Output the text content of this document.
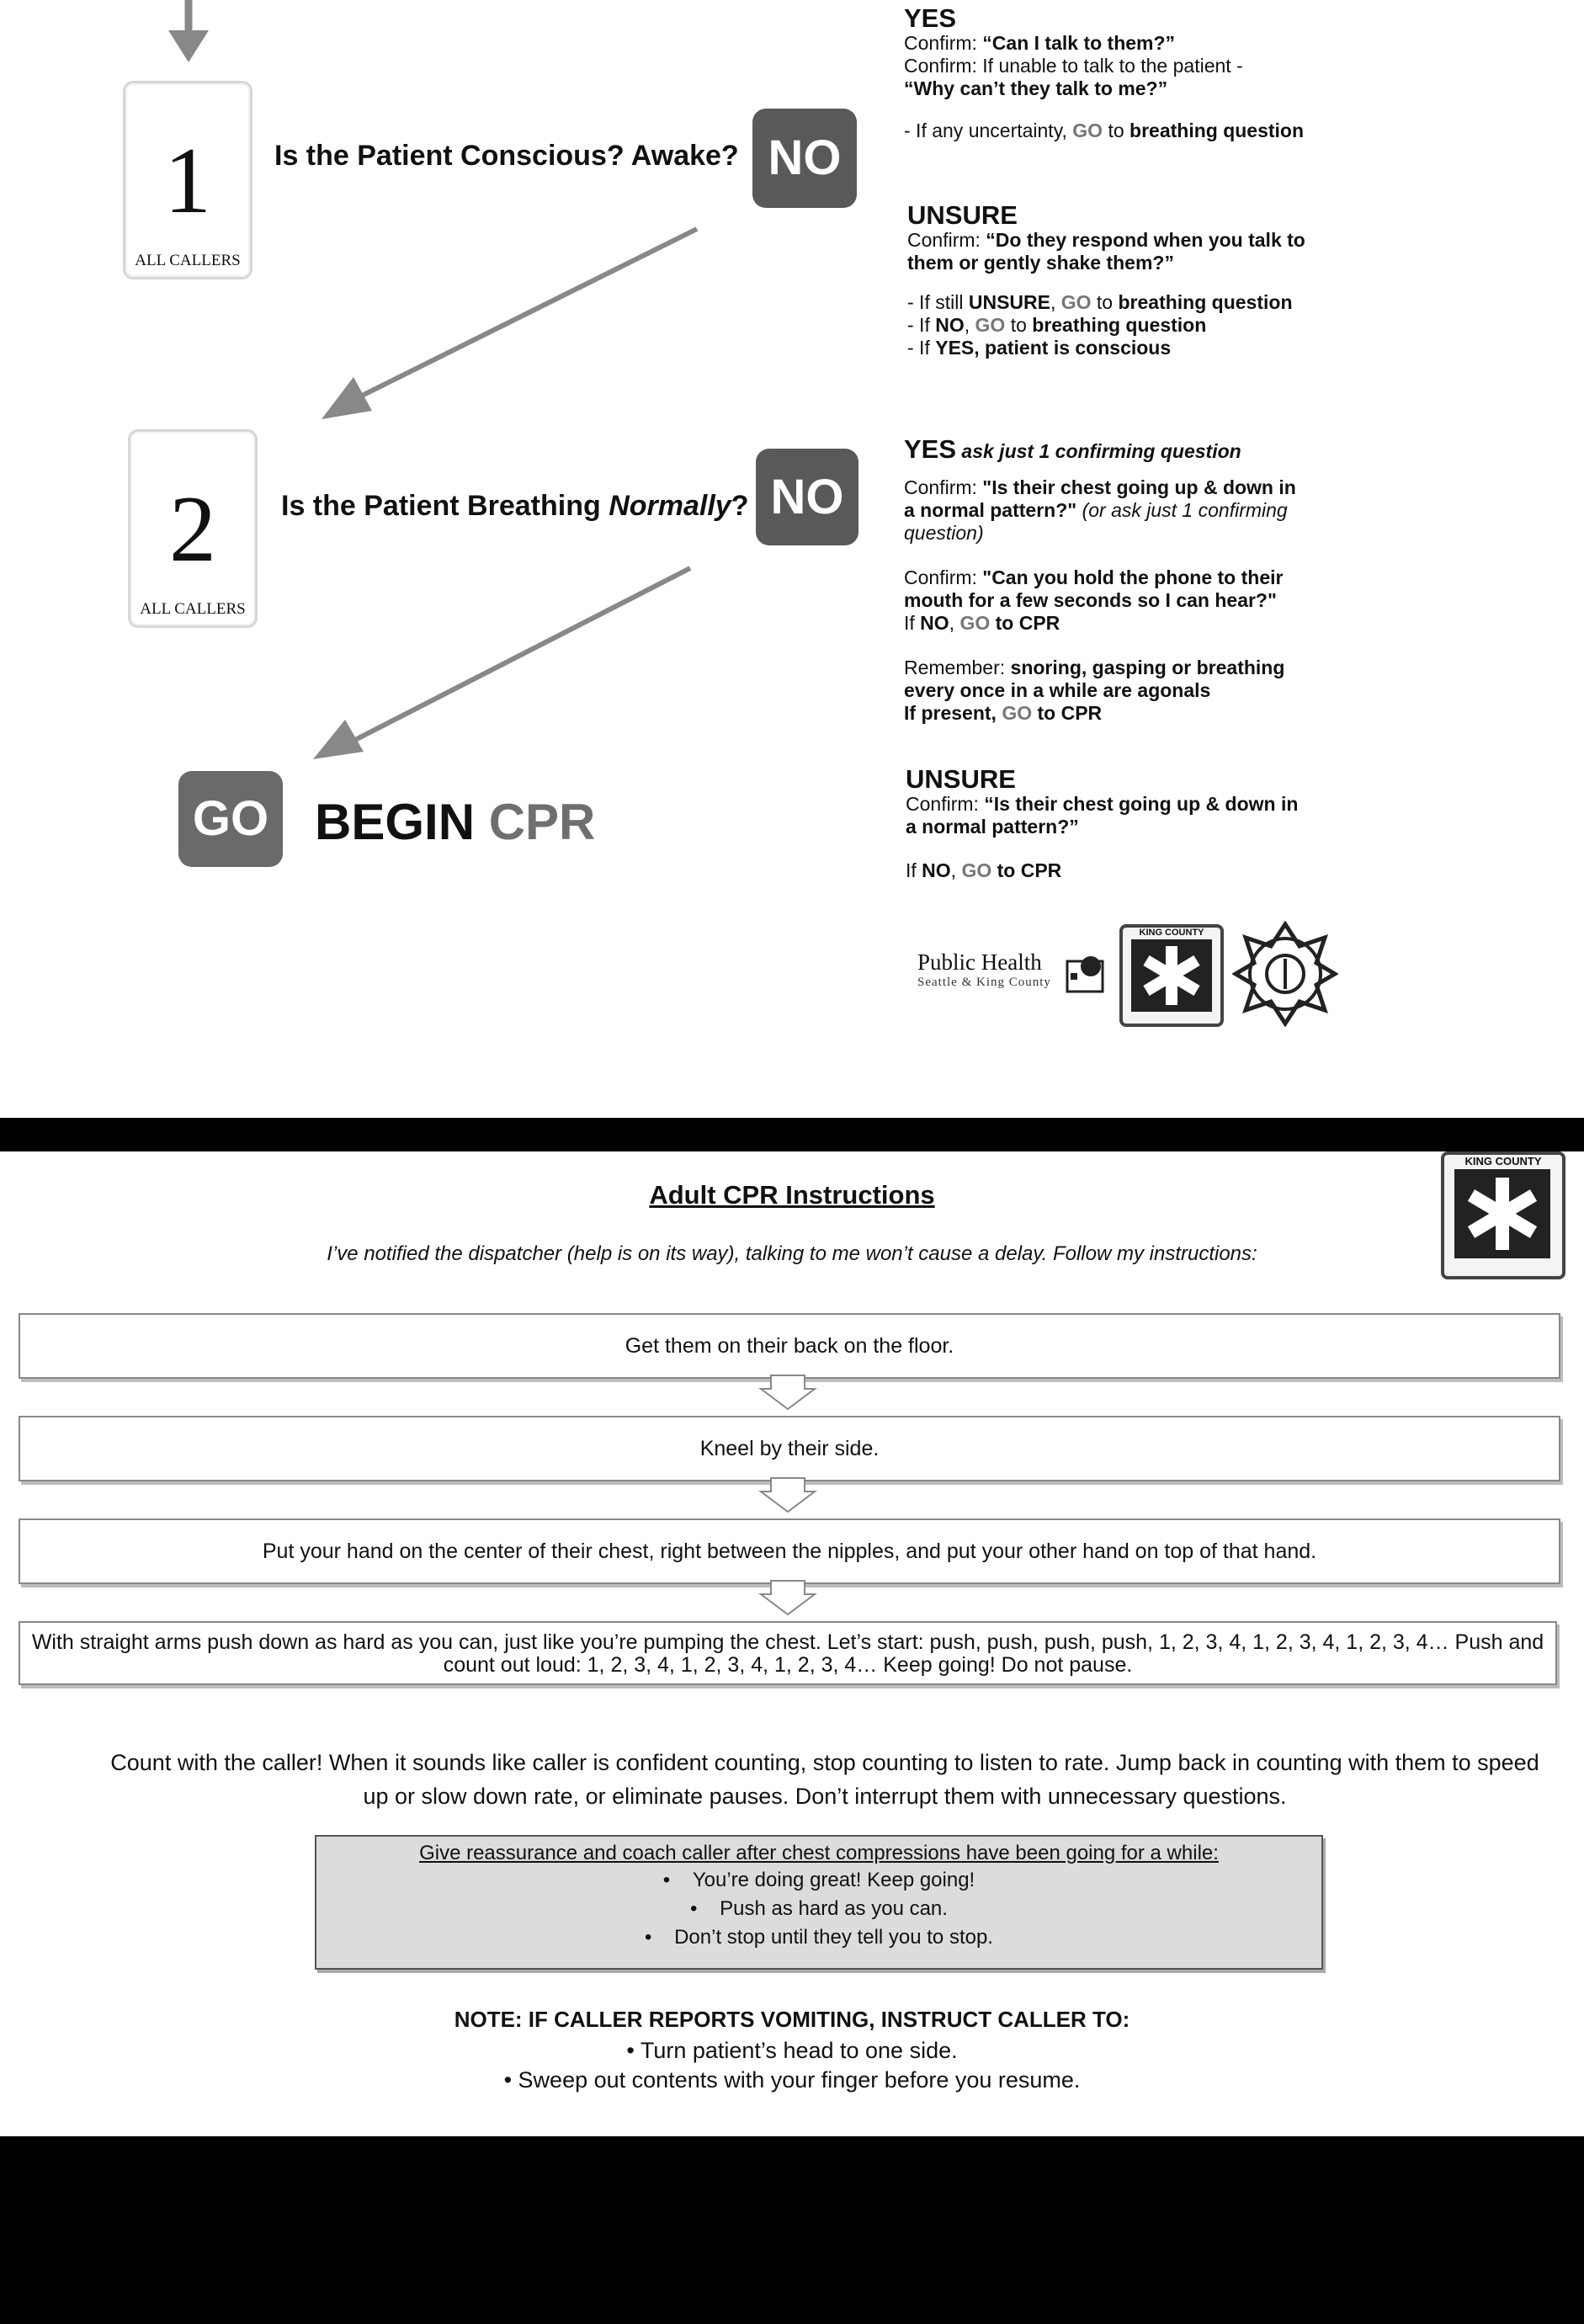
1
ALL CALLERS
Is the Patient Conscious? Awake? NO
2
ALL CALLERS
Is the Patient Breathing Normally? NO
GO BEGIN CPR
YES
Confirm: “Can I talk to them?”
Confirm: If unable to talk to the patient -
“Why can’t they talk to me?”
- If any uncertainty, GO to breathing question
UNSURE
Confirm: “Do they respond when you talk to
them or gently shake them?”
- If still UNSURE, GO to breathing question
- If NO, GO to breathing question
- If YES, patient is conscious
YES ask just 1 confirming question
Confirm: "Is their chest going up & down in
a normal pattern?" (or ask just 1 confirming
question)
Confirm: "Can you hold the phone to their
mouth for a few seconds so I can hear?"
If NO, GO to CPR
Remember: snoring, gasping or breathing
every once in a while are agonals
If present, GO to CPR
UNSURE
Confirm: “Is their chest going up & down in
a normal pattern?”
If NO, GO to CPR
Public Health
Seattle & King County
KING COUNTY
Adult CPR Instructions
I’ve notified the dispatcher (help is on its way), talking to me won’t cause a delay. Follow my instructions:
KING COUNTY
Get them on their back on the floor.
Kneel by their side.
Put your hand on the center of their chest, right between the nipples, and put your other hand on top of that hand.
With straight arms push down as hard as you can, just like you’re pumping the chest. Let’s start: push, push, push, push, 1, 2, 3, 4, 1, 2, 3, 4, 1, 2, 3, 4… Push and count out loud: 1, 2, 3, 4, 1, 2, 3, 4, 1, 2, 3, 4… Keep going! Do not pause.
Count with the caller! When it sounds like caller is confident counting, stop counting to listen to rate. Jump back in counting with them to speed up or slow down rate, or eliminate pauses. Don’t interrupt them with unnecessary questions.
Give reassurance and coach caller after chest compressions have been going for a while:
•    You’re doing great! Keep going!
•    Push as hard as you can.
•    Don’t stop until they tell you to stop.
NOTE: IF CALLER REPORTS VOMITING, INSTRUCT CALLER TO:
• Turn patient’s head to one side.
• Sweep out contents with your finger before you resume.
